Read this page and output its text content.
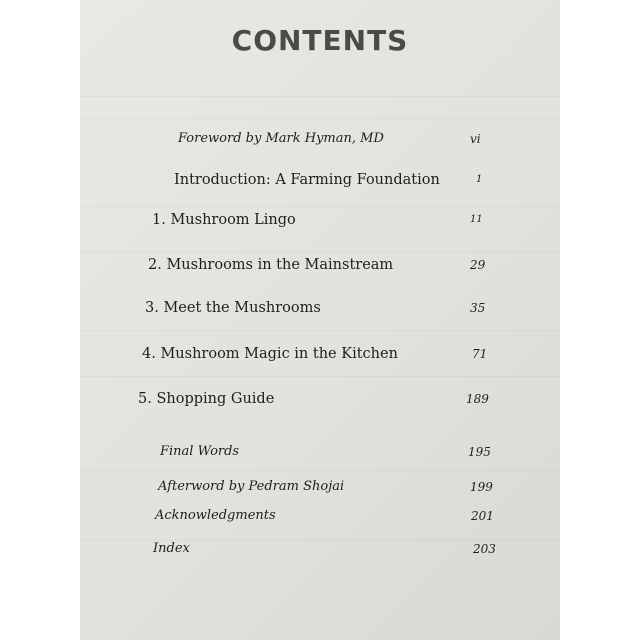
CONTENTS
Foreword by Mark Hyman, MD	vi
Introduction: A Farming Foundation	1
1. Mushroom Lingo	11
2. Mushrooms in the Mainstream	29
3. Meet the Mushrooms	35
4. Mushroom Magic in the Kitchen	71
5. Shopping Guide	189
Final Words	195
Afterword by Pedram Shojai	199
Acknowledgments	201
Index	203
